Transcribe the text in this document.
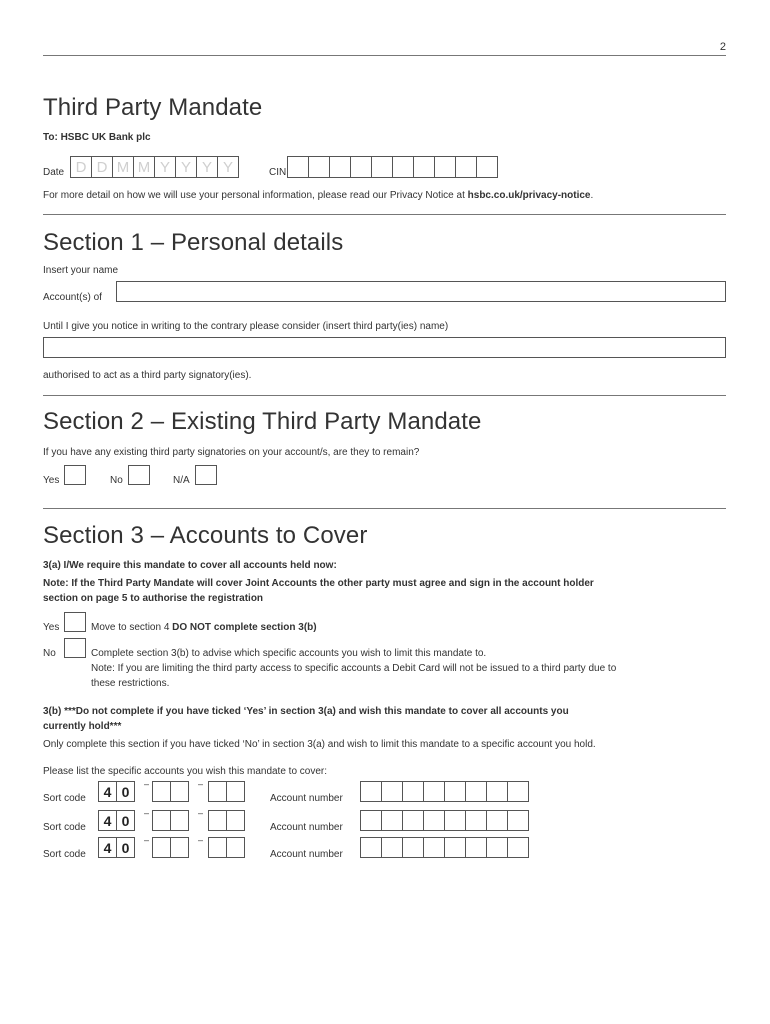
2
Third Party Mandate
To: HSBC UK Bank plc
Date D D M M Y Y Y Y	CIN
For more detail on how we will use your personal information, please read our Privacy Notice at hsbc.co.uk/privacy-notice.
Section 1 – Personal details
Insert your name
Account(s) of
Until I give you notice in writing to the contrary please consider (insert third party(ies) name)
authorised to act as a third party signatory(ies).
Section 2 – Existing Third Party Mandate
If you have any existing third party signatories on your account/s, are they to remain?
Yes	No	N/A
Section 3 – Accounts to Cover
3(a) I/We require this mandate to cover all accounts held now:
Note: If the Third Party Mandate will cover Joint Accounts the other party must agree and sign in the account holder
section on page 5 to authorise the registration
Yes	Move to section 4 DO NOT complete section 3(b)
No	Complete section 3(b) to advise which specific accounts you wish to limit this mandate to.
Note: If you are limiting the third party access to specific accounts a Debit Card will not be issued to a third party due to
these restrictions.
3(b) ***Do not complete if you have ticked ‘Yes’ in section 3(a) and wish this mandate to cover all accounts you
currently hold***
Only complete this section if you have ticked ‘No’ in section 3(a) and wish to limit this mandate to a specific account you hold.
Please list the specific accounts you wish this mandate to cover:
Sort code	4 0	–	–
Account number
Sort code	4 0	–	–
Account number
Sort code	4 0	–	–
Account number
